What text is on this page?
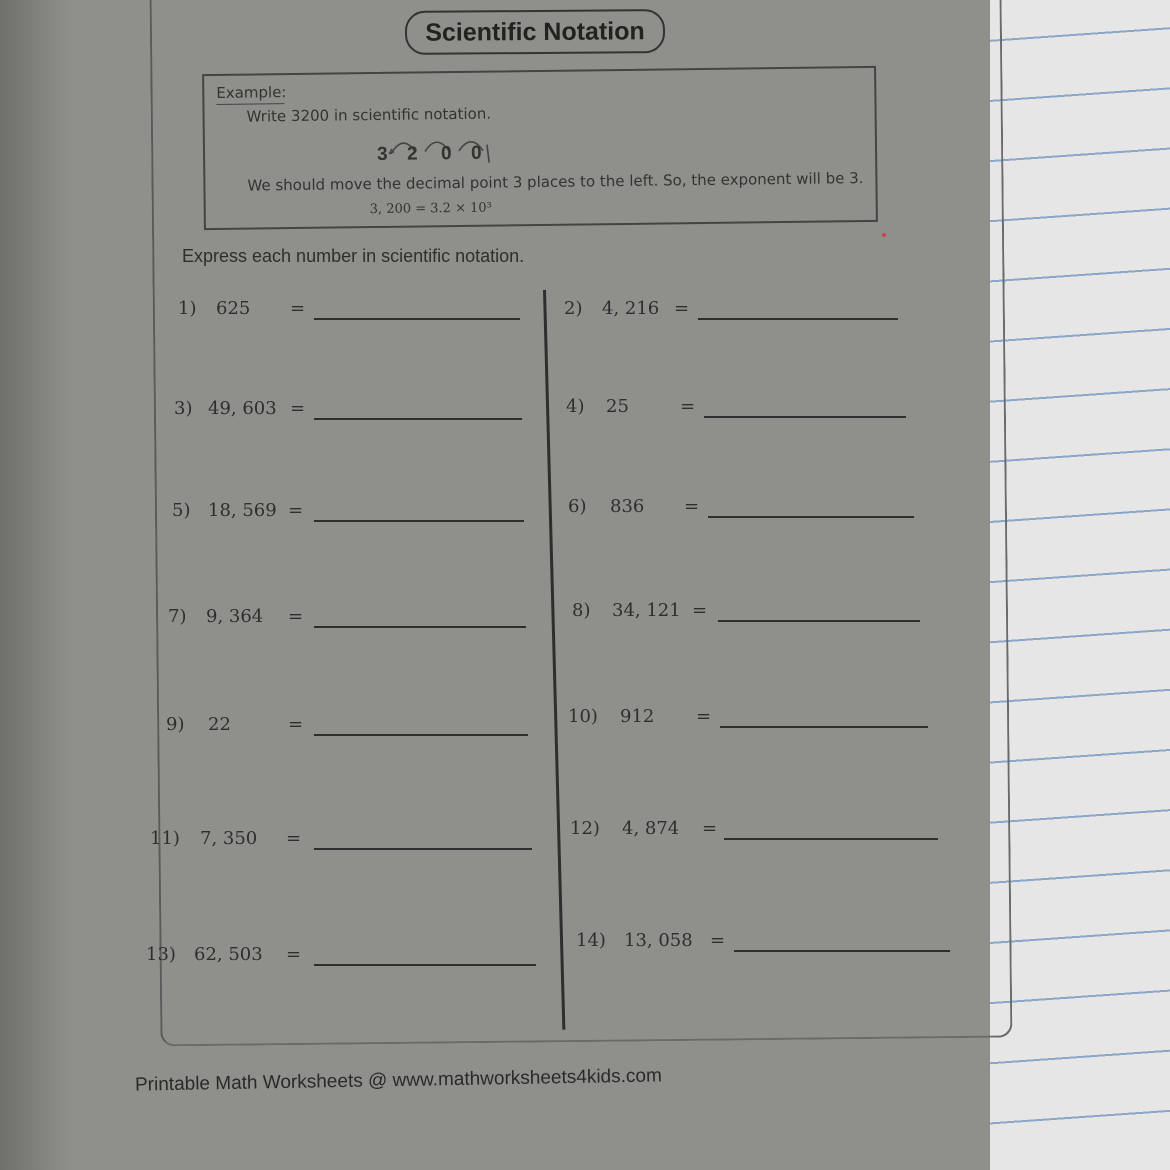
Scientific Notation
Example:
Write 3200 in scientific notation.
3 2 0 0
We should move the decimal point 3 places to the left. So, the exponent will be 3.
3, 200 = 3.2 × 10³
Express each number in scientific notation.
1) 625 =
3) 49, 603 =
5) 18, 569 =
7) 9, 364 =
9) 22	=
11) 7, 350 =
13) 62, 503 =
2) 4, 216 =
4) 25	=
6) 836 =
8) 34, 121 =
10) 912 =
12) 4, 874 =
14) 13, 058 =
Printable Math Worksheets @ www.mathworksheets4kids.com
